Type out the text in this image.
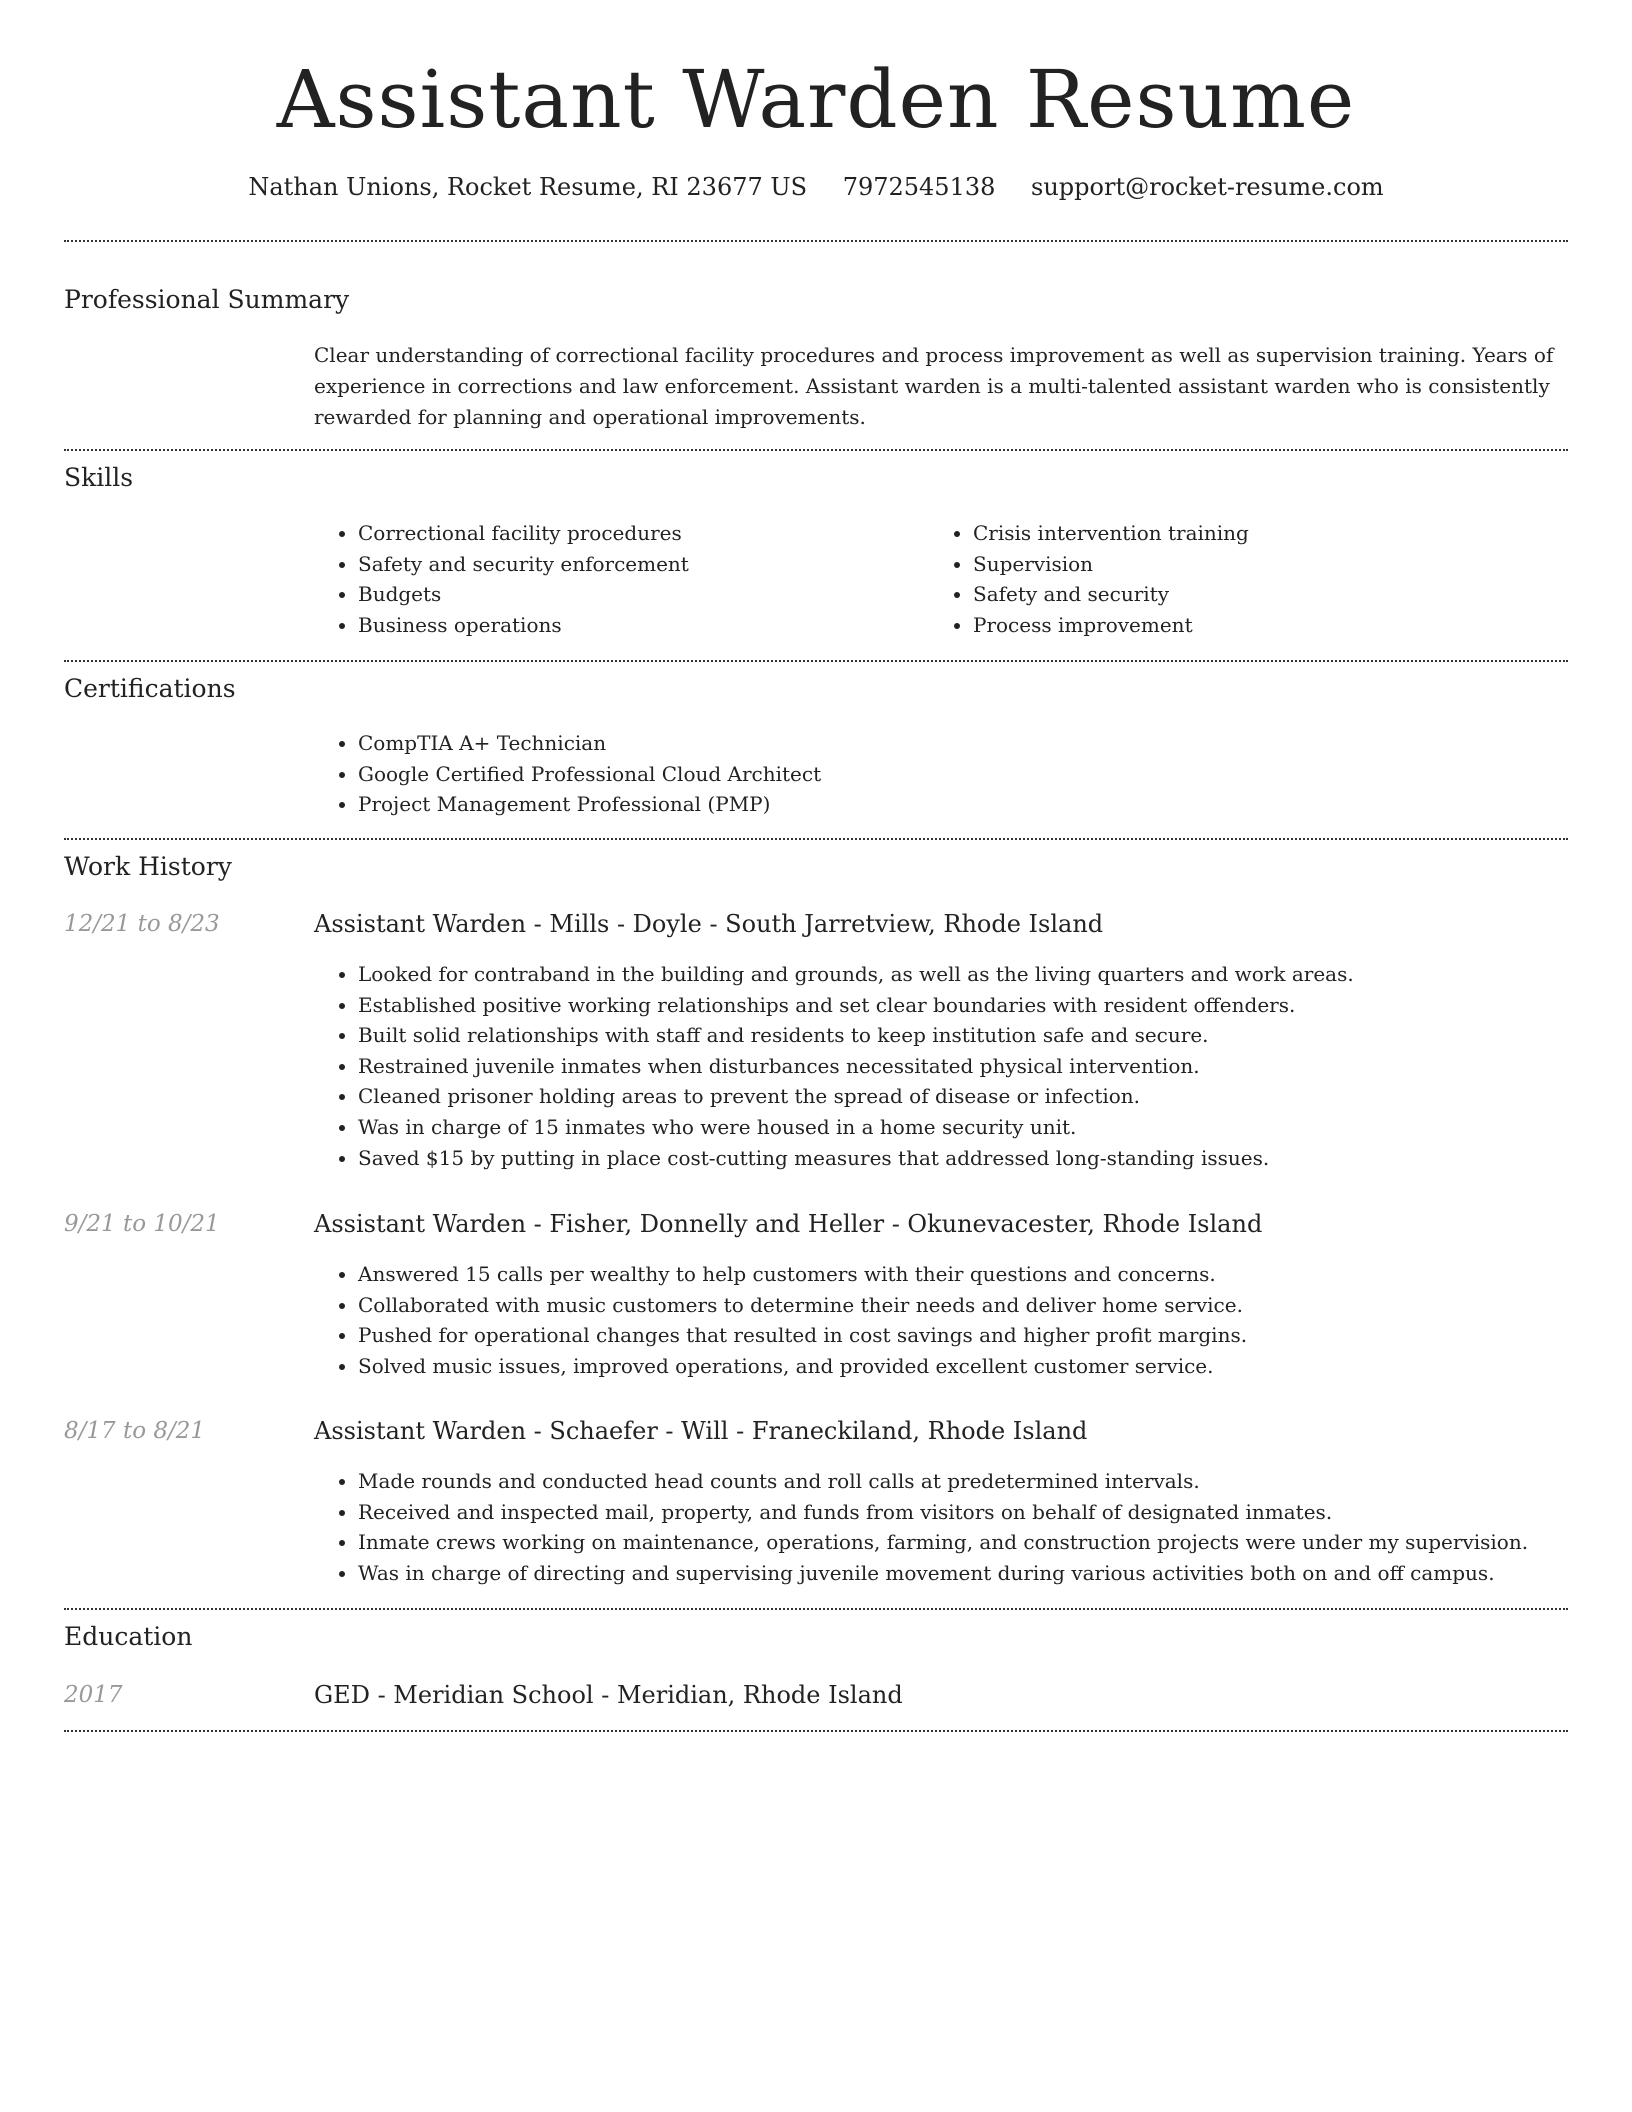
Assistant Warden Resume
Nathan Unions, Rocket Resume, RI 23677 US 7972545138 support@rocket-resume.com
Professional Summary
Clear understanding of correctional facility procedures and process improvement as well as supervision training. Years of experience in corrections and law enforcement. Assistant warden is a multi-talented assistant warden who is consistently rewarded for planning and operational improvements.
Skills
• Correctional facility procedures
• Safety and security enforcement
• Budgets
• Business operations
• Crisis intervention training
• Supervision
• Safety and security
• Process improvement
Certifications
• CompTIA A+ Technician
• Google Certified Professional Cloud Architect
• Project Management Professional (PMP)
Work History
12/21 to 8/23	Assistant Warden - Mills - Doyle - South Jarretview, Rhode Island
• Looked for contraband in the building and grounds, as well as the living quarters and work areas.
• Established positive working relationships and set clear boundaries with resident offenders.
• Built solid relationships with staff and residents to keep institution safe and secure.
• Restrained juvenile inmates when disturbances necessitated physical intervention.
• Cleaned prisoner holding areas to prevent the spread of disease or infection.
• Was in charge of 15 inmates who were housed in a home security unit.
• Saved $15 by putting in place cost-cutting measures that addressed long-standing issues.
9/21 to 10/21	Assistant Warden - Fisher, Donnelly and Heller - Okunevacester, Rhode Island
• Answered 15 calls per wealthy to help customers with their questions and concerns.
• Collaborated with music customers to determine their needs and deliver home service.
• Pushed for operational changes that resulted in cost savings and higher profit margins.
• Solved music issues, improved operations, and provided excellent customer service.
8/17 to 8/21	Assistant Warden - Schaefer - Will - Franeckiland, Rhode Island
• Made rounds and conducted head counts and roll calls at predetermined intervals.
• Received and inspected mail, property, and funds from visitors on behalf of designated inmates.
• Inmate crews working on maintenance, operations, farming, and construction projects were under my supervision.
• Was in charge of directing and supervising juvenile movement during various activities both on and off campus.
Education
2017	GED - Meridian School - Meridian, Rhode Island
